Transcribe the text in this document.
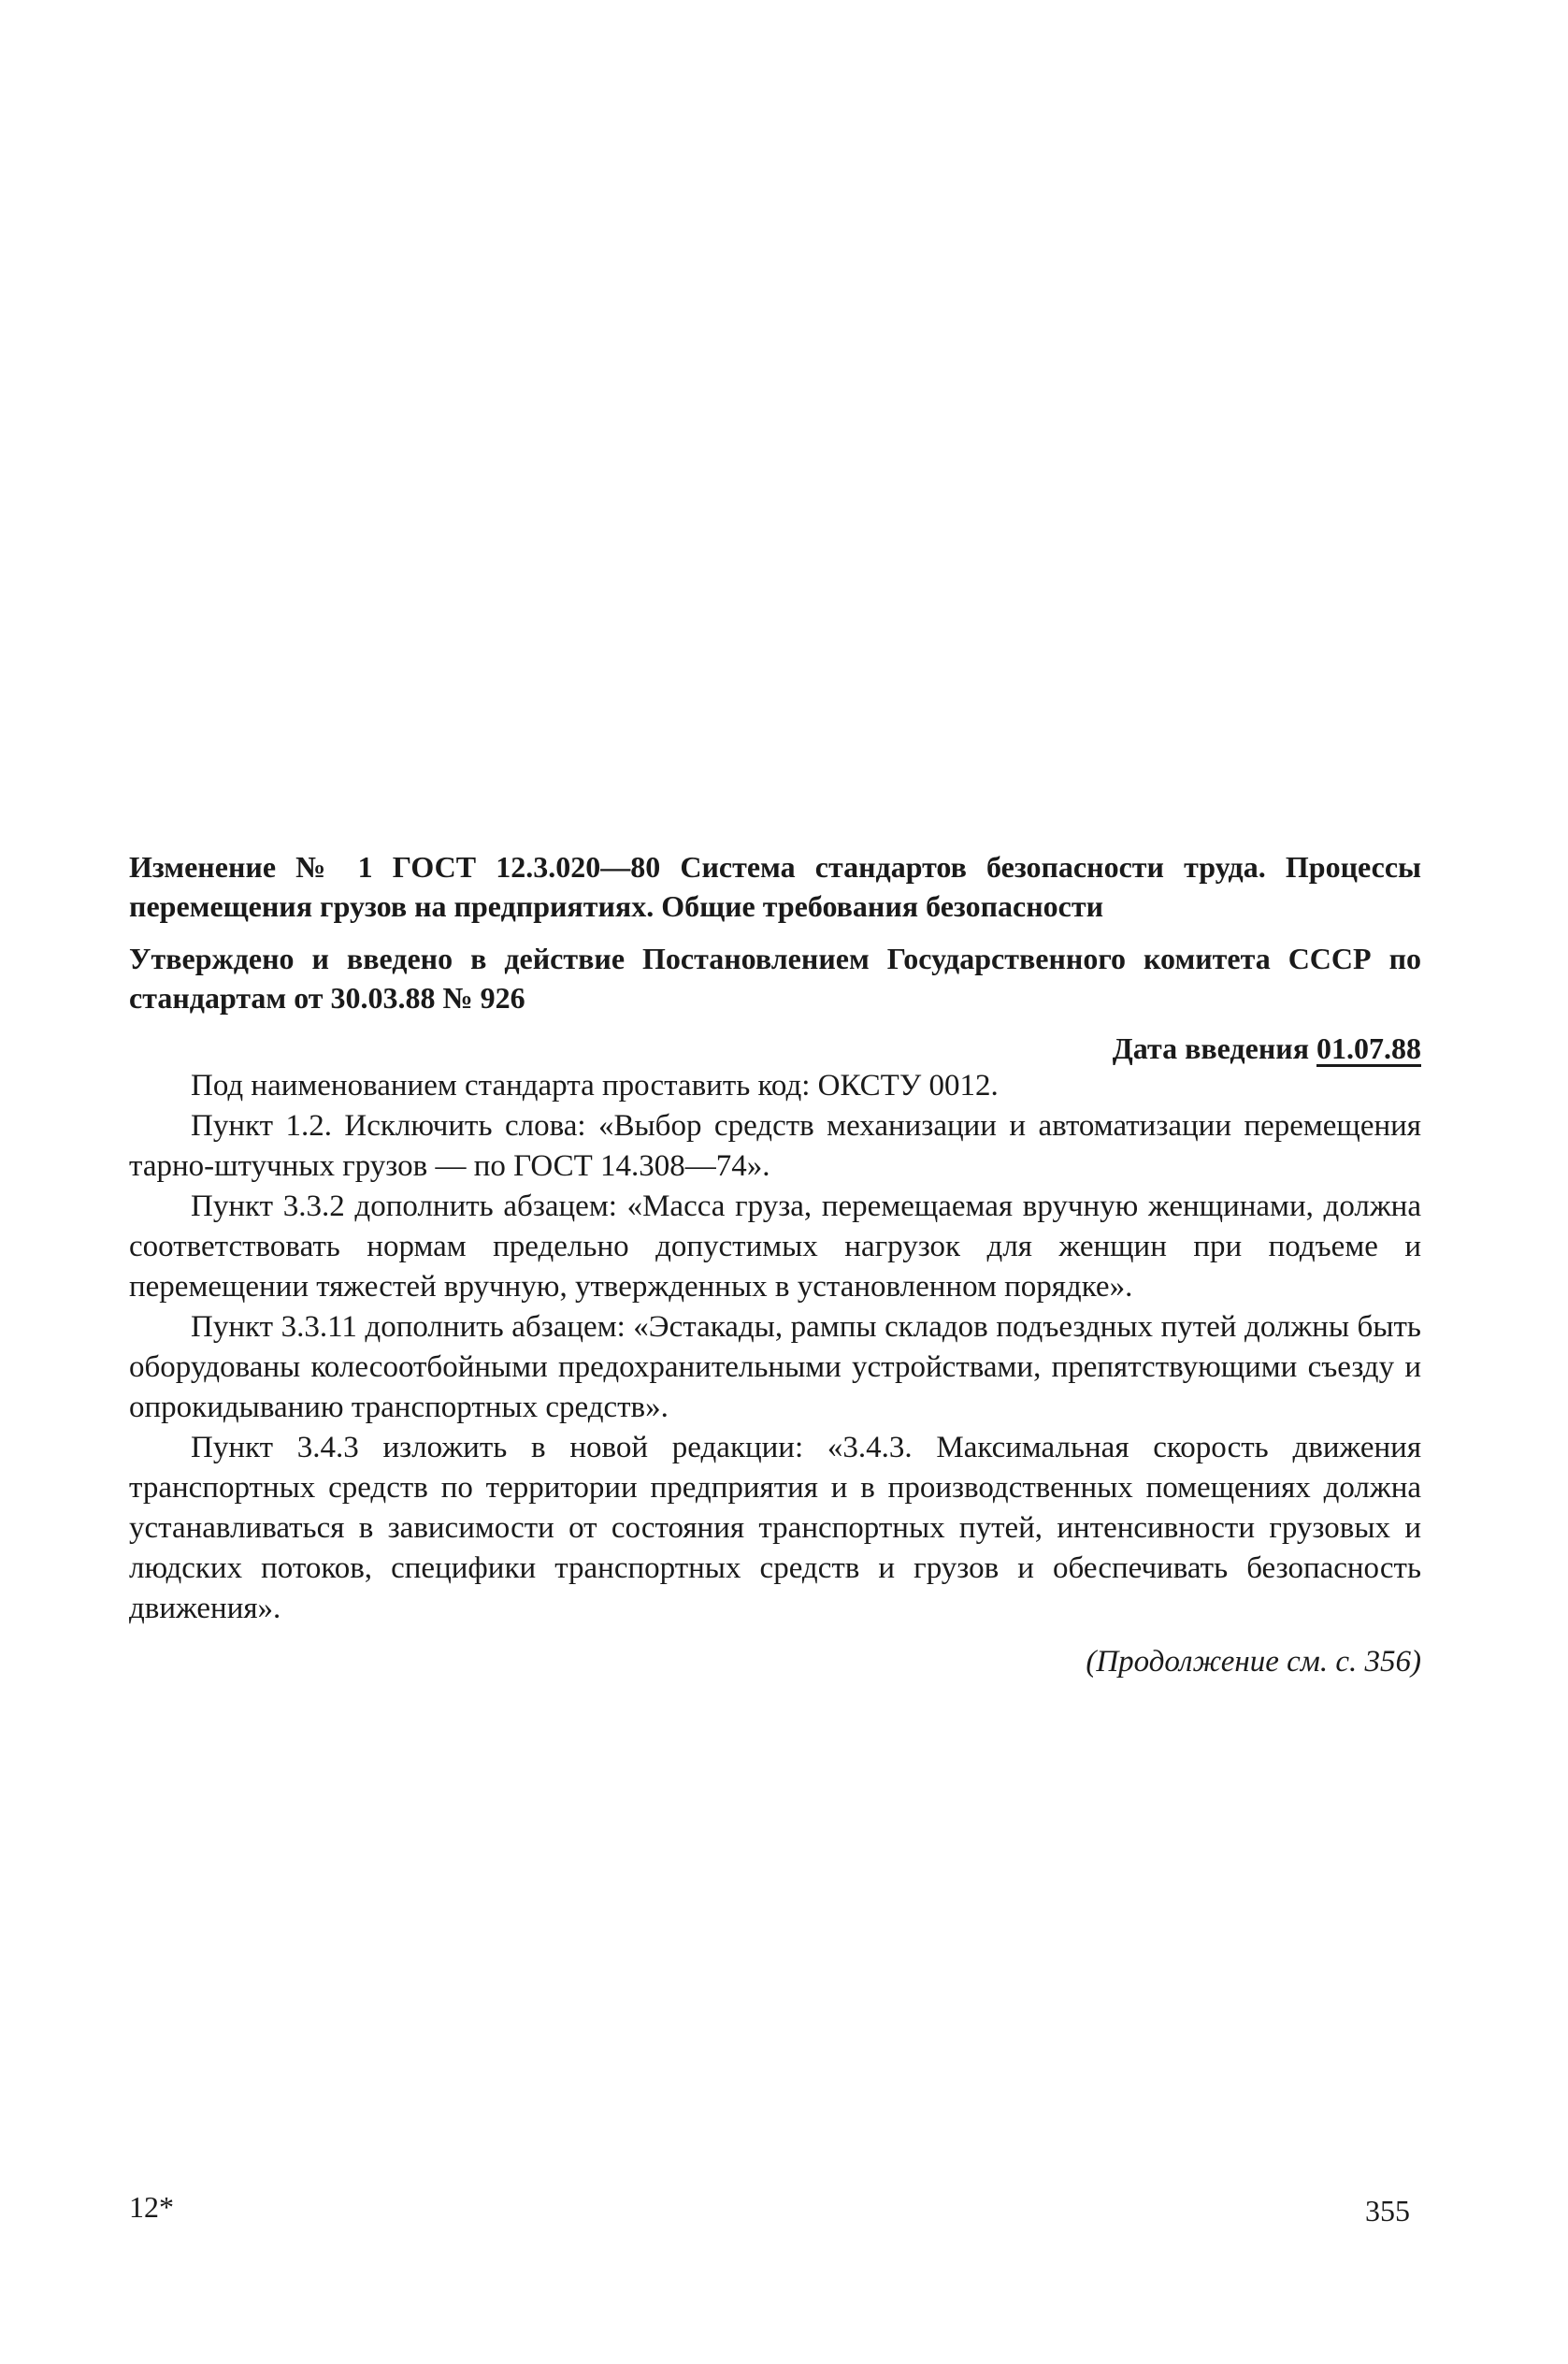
Изменение № 1 ГОСТ 12.3.020—80 Система стандартов безопасности труда. Процессы перемещения грузов на предприятиях. Общие требования безопасности

Утверждено и введено в действие Постановлением Государственного комитета СССР по стандартам от 30.03.88 № 926

Дата введения 01.07.88

Под наименованием стандарта проставить код: ОКСТУ 0012.

Пункт 1.2. Исключить слова: «Выбор средств механизации и автоматизации перемещения тарно-штучных грузов — по ГОСТ 14.308—74».

Пункт 3.3.2 дополнить абзацем: «Масса груза, перемещаемая вручную женщинами, должна соответствовать нормам предельно допустимых нагрузок для женщин при подъеме и перемещении тяжестей вручную, утвержденных в установленном порядке».

Пункт 3.3.11 дополнить абзацем: «Эстакады, рампы складов подъездных путей должны быть оборудованы колесоотбойными предохранительными устройствами, препятствующими съезду и опрокидыванию транспортных средств».

Пункт 3.4.3 изложить в новой редакции: «3.4.3. Максимальная скорость движения транспортных средств по территории предприятия и в производственных помещениях должна устанавливаться в зависимости от состояния транспортных путей, интенсивности грузовых и людских потоков, специфики транспортных средств и грузов и обеспечивать безопасность движения».

(Продолжение см. с. 356)

12*	355
